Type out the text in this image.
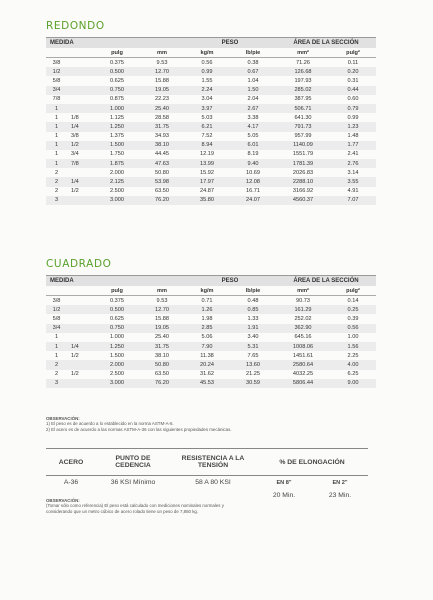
REDONDO
MEDIDA				PESO		ÁREA DE LA SECCIÓN	
		pulg	mm	kg/m	lb/pie	mm²	pulg²
3/8		0.375	9.53	0.56	0.38	71.26	0.11
1/2		0.500	12.70	0.99	0.67	126.68	0.20
5/8		0.625	15.88	1.55	1.04	197.93	0.31
3/4		0.750	19.05	2.24	1.50	285.02	0.44
7/8		0.875	22.23	3.04	2.04	387.95	0.60
1		1.000	25.40	3.97	2.67	506.71	0.79
1	1/8	1.125	28.58	5.03	3.38	641.30	0.99
1	1/4	1.250	31.75	6.21	4.17	791.73	1.23
1	3/8	1.375	34.93	7.52	5.05	957.99	1.48
1	1/2	1.500	38.10	8.94	6.01	1140.09	1.77
1	3/4	1.750	44.45	12.19	8.19	1551.79	2.41
1	7/8	1.875	47.63	13.99	9.40	1781.39	2.76
2		2.000	50.80	15.92	10.69	2026.83	3.14
2	1/4	2.125	53.98	17.97	12.08	2288.10	3.55
2	1/2	2.500	63.50	24.87	16.71	3166.92	4.91
3		3.000	76.20	35.80	24.07	4560.37	7.07
CUADRADO
MEDIDA				PESO		ÁREA DE LA SECCIÓN	
		pulg	mm	kg/m	lb/pie	mm²	pulg²
3/8		0.375	9.53	0.71	0.48	90.73	0.14
1/2		0.500	12.70	1.26	0.85	161.29	0.25
5/8		0.625	15.88	1.98	1.33	252.02	0.39
3/4		0.750	19.05	2.85	1.91	362.90	0.56
1		1.000	25.40	5.06	3.40	645.16	1.00
1	1/4	1.250	31.75	7.90	5.31	1008.06	1.56
1	1/2	1.500	38.10	11.38	7.65	1451.61	2.25
2		2.000	50.80	20.24	13.60	2580.64	4.00
2	1/2	2.500	63.50	31.62	21.25	4032.25	6.25
3		3.000	76.20	45.53	30.59	5806.44	9.00
OBSERVACIÓN:
1) El peso es de acuerdo a lo establecido en la norma ASTM-A-6.
2) El acero es de acuerdo a las normas ASTM-A-36 con las siguientes propiedades mecánicas.
ACERO	PUNTO DE CEDENCIA	RESISTENCIA A LA TENSIÓN	% DE ELONGACIÓN	
A-36	36 KSI Mínimo	58 A 80 KSI	EN 8"	EN 2"
			20 Min.	23 Min.
OBSERVACIÓN:
(Tomar sólo como referencia) El peso está calculado con mediciones nominales normales y
considerando que un metro cúbico de acero rolado tiene un peso de 7,850 kg.
